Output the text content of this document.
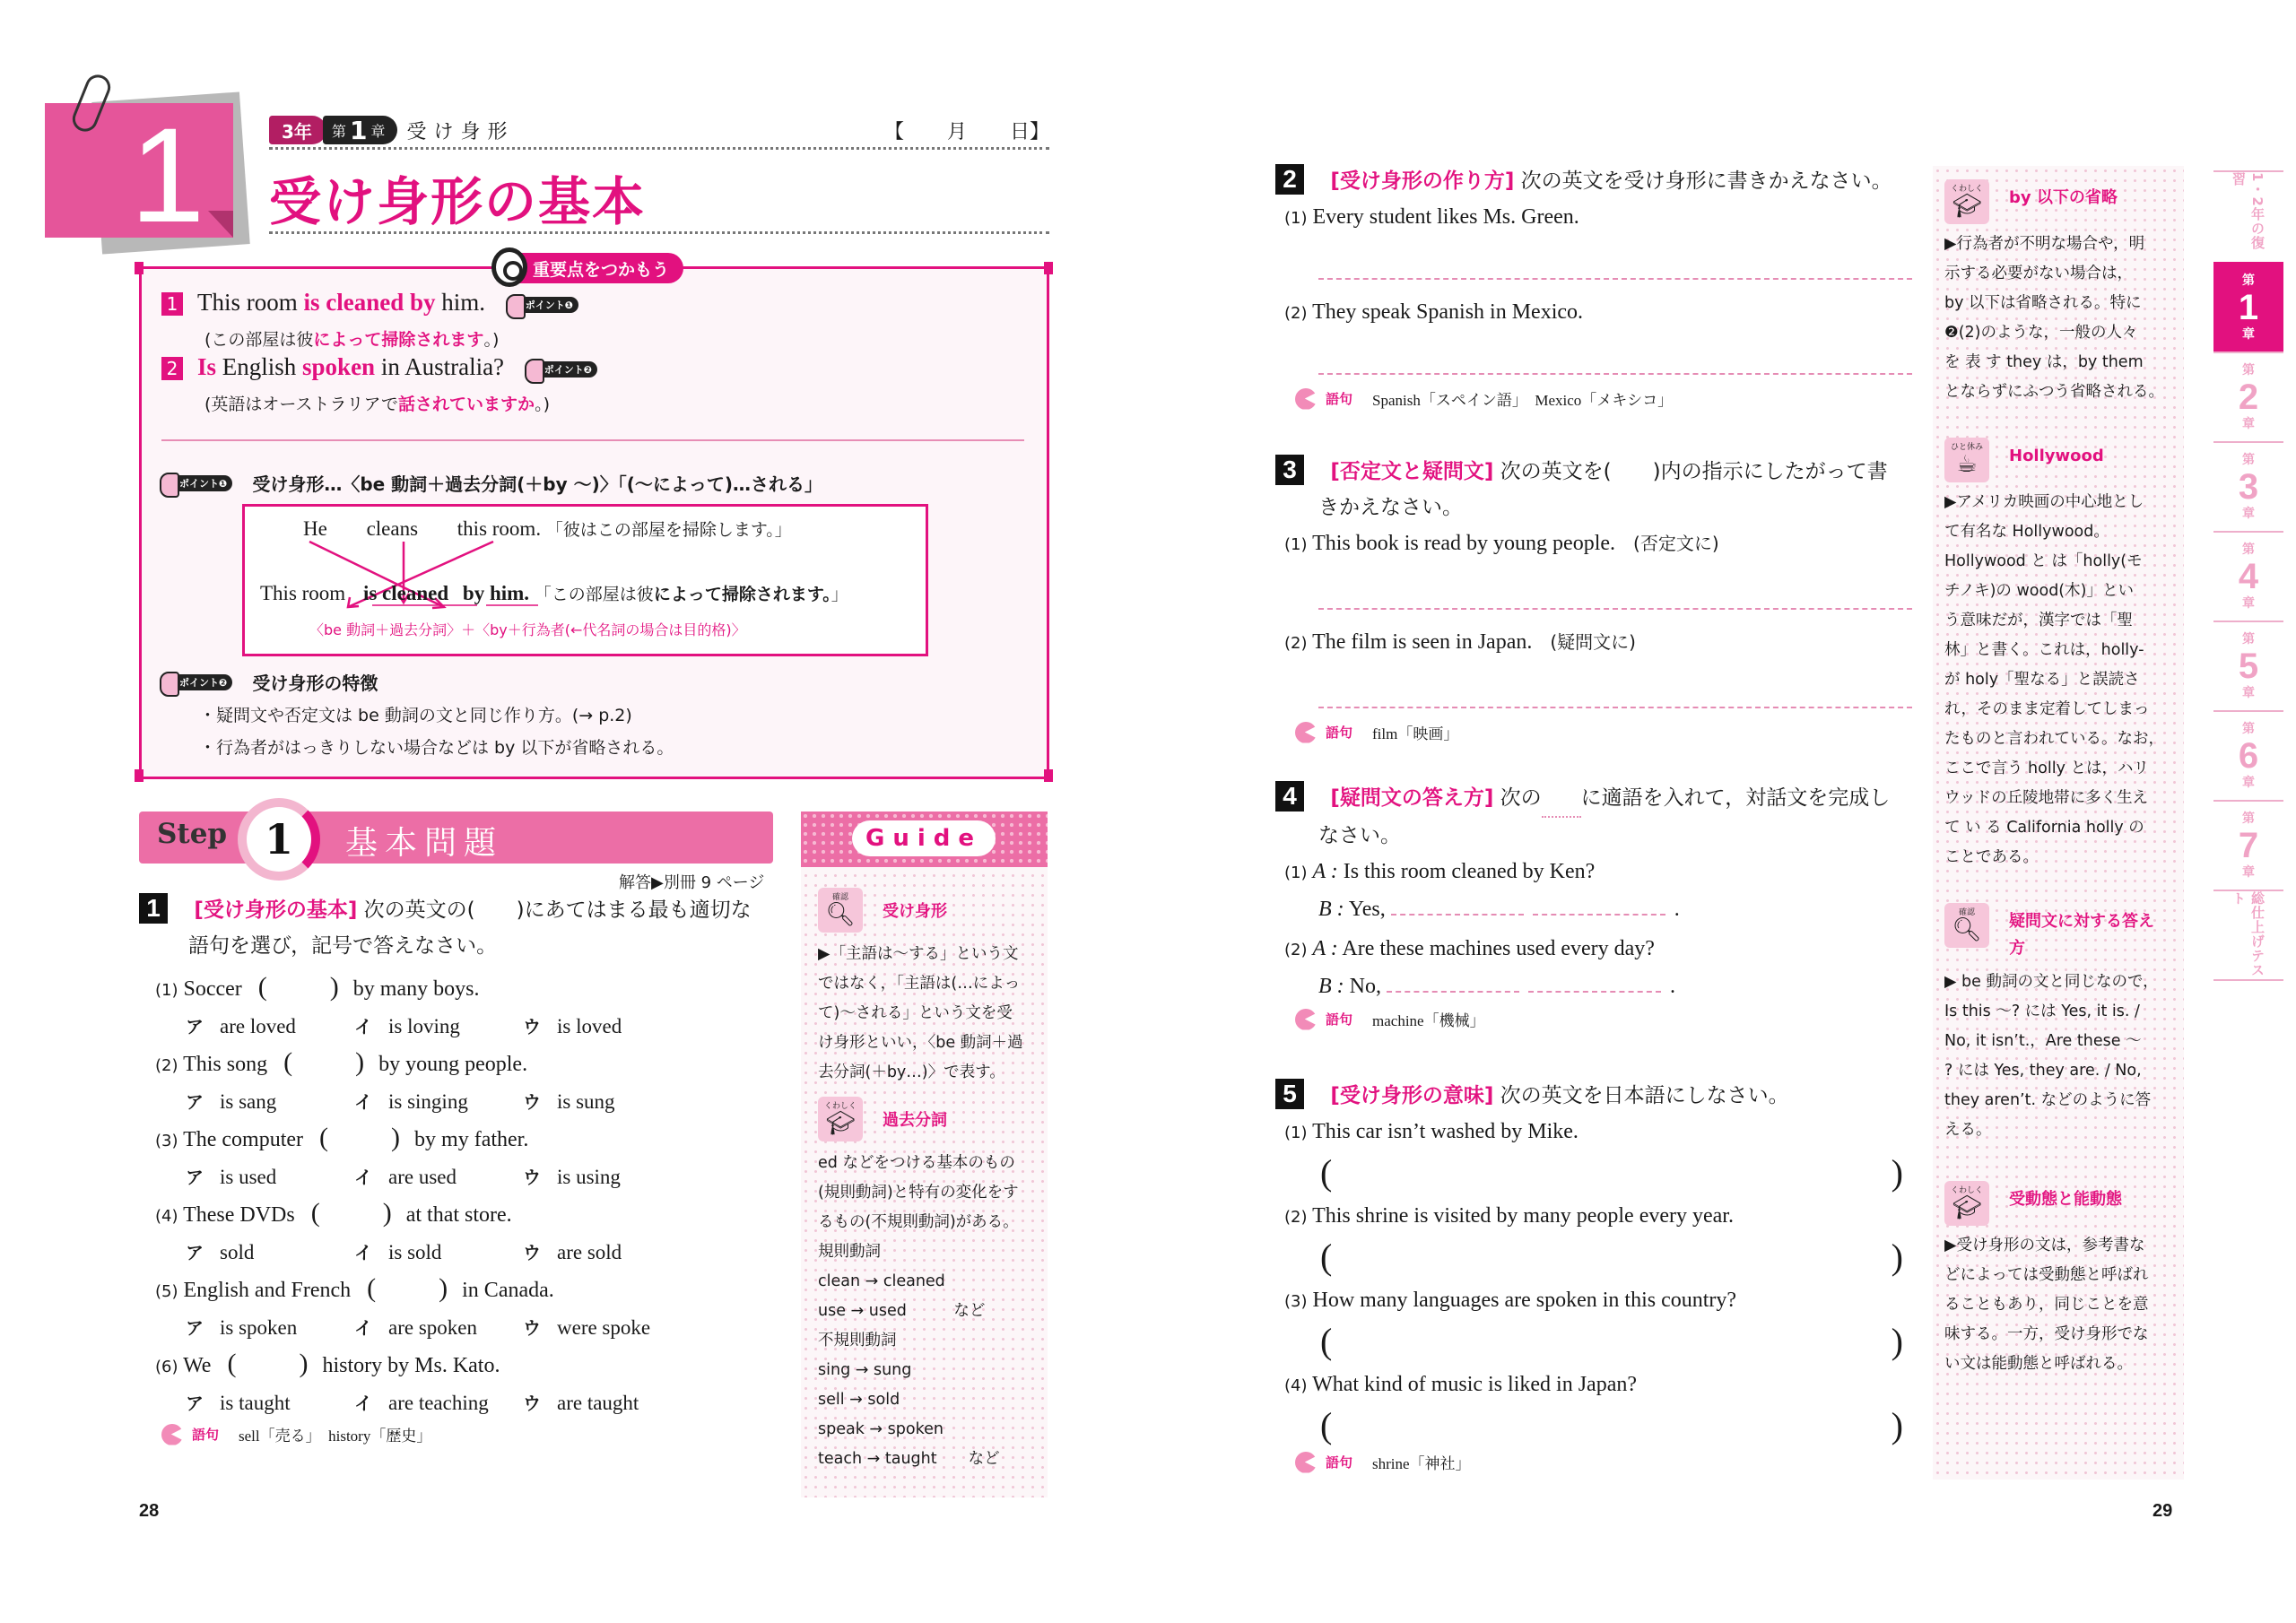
1	3年	第 1 章 受け身形	【 月 日】
受け身形の基本
重要点をつかもう
1 This room is cleaned by him.	ポイント❶
(この部屋は彼によって掃除されます。)
2 Is English spoken in Australia?	ポイント❷
(英語はオーストラリアで話されていますか。)
ポイント❶	受け身形…〈be 動詞＋過去分詞(＋by 〜)〉「(〜によって)…される」
He cleans this room. 「彼はこの部屋を掃除します。」
This room is cleaned by him. 「この部屋は彼によって掃除されます。」
〈be 動詞＋過去分詞〉＋〈by＋行為者(←代名詞の場合は目的格)〉
ポイント❷	受け身形の特徴
・疑問文や否定文は be 動詞の文と同じ作り方。(→ p.2)
・行為者がはっきりしない場合などは by 以下が省略される。
Step 1	基本問題
解答▶別冊 9 ページ
1 [受け身形の基本] 次の英文の(　　)にあてはまる最も適切な
語句を選び，記号で答えなさい。
(1) Soccer ( ) by many boys.
ア are loved	イ is loving	ウ is loved
(2) This song ( ) by young people.
ア is sang	イ is singing	ウ is sung
(3) The computer ( ) by my father.
ア is used	イ are used	ウ is using
(4) These DVDs ( ) at that store.
ア sold	イ is sold	ウ are sold
(5) English and French ( ) in Canada.
ア is spoken	イ are spoken	ウ were spoke
(6) We ( ) history by Ms. Kato.
ア is taught	イ are teaching ウ are taught
語句 sell「売る」　history「歴史」
Guide
確認
🔍︎ 受け身形
▶「主語は〜する」という文
ではなく，「主語は(…によっ
て)〜される」という文を受
け身形といい，〈be 動詞＋過
去分詞(＋by…)〉で表す。
くわしく
🎓︎ 過去分詞
ed などをつける基本のもの
(規則動詞)と特有の変化をす
るもの(不規則動詞)がある。
規則動詞
clean → cleaned
use → used　　　など
不規則動詞
sing → sung
sell → sold
speak → spoken
teach → taught　　など
28
2 [受け身形の作り方] 次の英文を受け身形に書きかえなさい。
(1) Every student likes Ms. Green.
(2) They speak Spanish in Mexico.
語句 Spanish「スペイン語」　Mexico「メキシコ」
3 [否定文と疑問文] 次の英文を(　　)内の指示にしたがって書
きかえなさい。
(1) This book is read by young people. (否定文に)
(2) The film is seen in Japan. (疑問文に)
語句 film「映画」
4 [疑問文の答え方] 次の に適語を入れて，対話文を完成し
なさい。
(1) A : Is this room cleaned by Ken?
B : Yes,	.
(2) A : Are these machines used every day?
B : No,	.
語句 machine「機械」
5 [受け身形の意味] 次の英文を日本語にしなさい。
(1) This car isn’t washed by Mike.
(	)
(2) This shrine is visited by many people every year.
(	)
(3) How many languages are spoken in this country?
(	)
(4) What kind of music is liked in Japan?
(	)
語句 shrine「神社」
くわしく
🎓︎ by 以下の省略
▶行為者が不明な場合や，明
示する必要がない場合は，
by 以下は省略される。特に
❷(2)のような，一般の人々
を 表 す they は，by them
とならずにふつう省略される。
ひと休み
☕︎ Hollywood
▶アメリカ映画の中心地とし
て有名な Hollywood。
Hollywood と は「holly(モ
チノキ)の wood(木)」とい
う意味だが，漢字では「聖
林」と書く。これは，holly-
が holy「聖なる」と誤読さ
れ，そのまま定着してしまっ
たものと言われている。なお，
ここで言う holly とは，ハリ
ウッドの丘陵地帯に多く生え
て い る California holly の
ことである。
確認
🔍︎ 疑問文に対する答え方
▶ be 動詞の文と同じなので，
Is this 〜? には Yes, it is. /
No, it isn’t.，Are these 〜
? には Yes, they are. / No,
they aren’t. などのように答
える。
くわしく
🎓︎ 受動態と能動態
▶受け身形の文は，参考書な
どによっては受動態と呼ばれ
ることもあり，同じことを意
味する。一方，受け身形でな
い文は能動態と呼ばれる。
1・2年の復習
第
1
章
第
2
章
第
3
章
第
4
章
第
5
章
第
6
章
第
7
章
総仕上げテスト
29
